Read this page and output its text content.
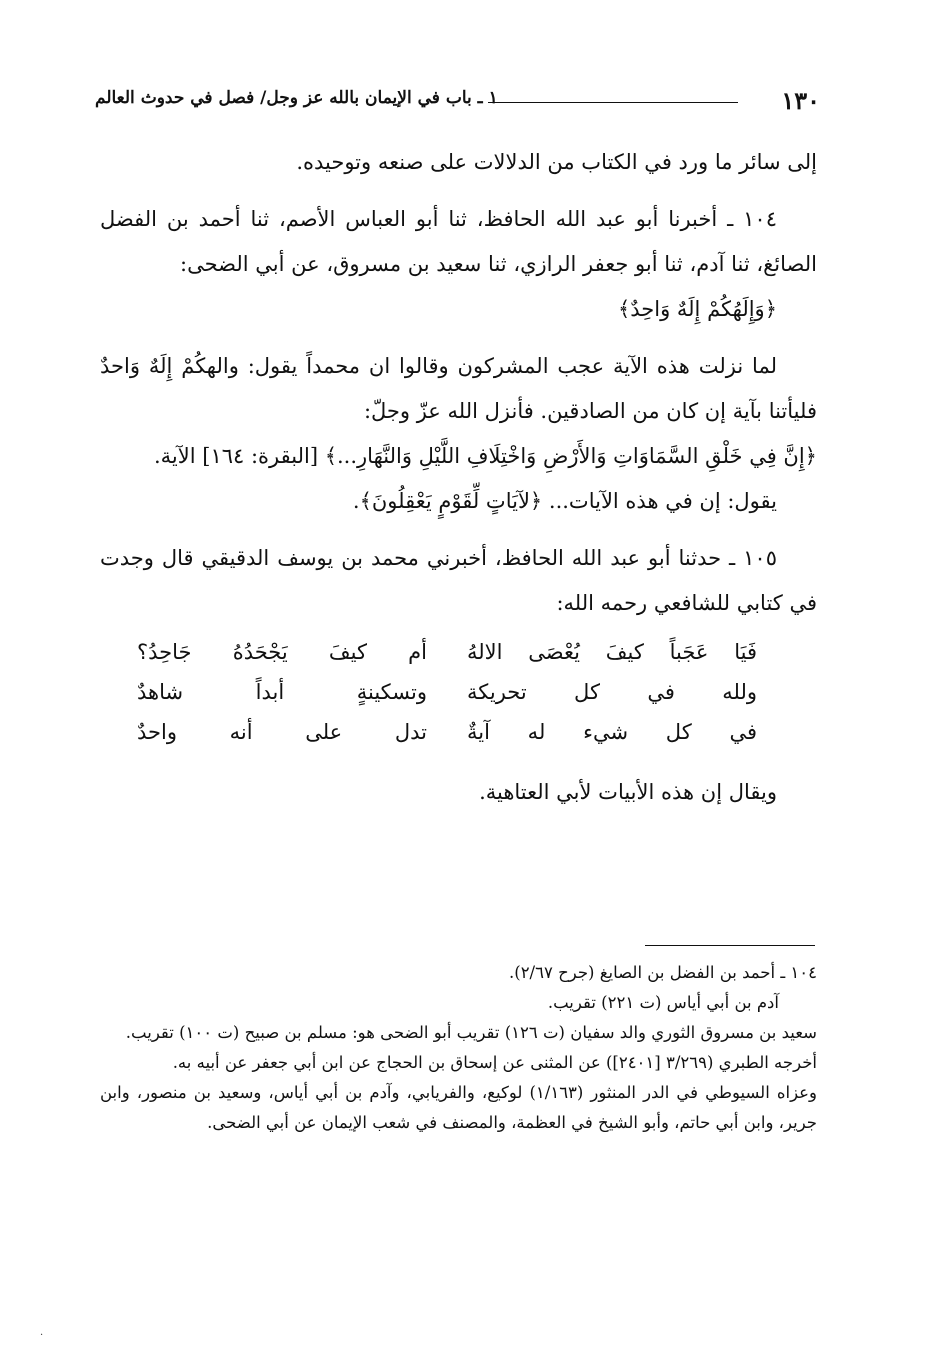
١٣٠
١ ـ باب في الإيمان بالله عز وجل/ فصل في حدوث العالم

إلى سائر ما ورد في الكتاب من الدلالات على صنعه وتوحيده.

١٠٤ ـ أخبرنا أبو عبد الله الحافظ، ثنا أبو العباس الأصم، ثنا أحمد بن الفضل الصائغ، ثنا آدم، ثنا أبو جعفر الرازي، ثنا سعيد بن مسروق، عن أبي الضحى:

﴿وَإِلَهُكُمْ إِلَهٌ وَاحِدٌ﴾

لما نزلت هذه الآية عجب المشركون وقالوا ان محمداً يقول: والهكُمْ إِلَهٌ وَاحدٌ فليأتنا بآية إن كان من الصادقين. فأنزل الله عزّ وجلّ:

﴿إِنَّ فِي خَلْقِ السَّمَاوَاتِ وَالأَرْضِ وَاخْتِلَافِ اللَّيْلِ وَالنَّهَارِ...﴾ [البقرة: ١٦٤] الآية.

يقول: إن في هذه الآيات... ﴿لآيَاتٍ لِّقَوْمٍ يَعْقِلُونَ﴾.

١٠٥ ـ حدثنا أبو عبد الله الحافظ، أخبرني محمد بن يوسف الدقيقي قال وجدت في كتابي للشافعي رحمه الله:

فَيَا عَجَباً كيفَ يُعْصَى الالهُ
أم كيفَ يَجْحَدُهُ جَاحِدُ؟
ولله في كل تحريكة
وتسكينةٍ أبداً شاهدٌ
في كل شيء له آيةٌ
تدل على أنه واحدٌ

ويقال إن هذه الأبيات لأبي العتاهية.

١٠٤ ـ أحمد بن الفضل بن الصايغ (جرح ٢/٦٧).

آدم بن أبي أياس (ت ٢٢١) تقريب.

سعيد بن مسروق الثوري والد سفيان (ت ١٢٦) تقريب أبو الضحى هو: مسلم بن صبيح (ت ١٠٠) تقريب.

أخرجه الطبري (٣/٢٦٩ [٢٤٠١]) عن المثنى عن إسحاق بن الحجاج عن ابن أبي جعفر عن أبيه به.

وعزاه السيوطي في الدر المنثور (١/١٦٣) لوكيع، والفريابي، وآدم بن أبي أياس، وسعيد بن منصور، وابن جرير، وابن أبي حاتم، وأبو الشيخ في العظمة، والمصنف في شعب الإيمان عن أبي الضحى.

·
